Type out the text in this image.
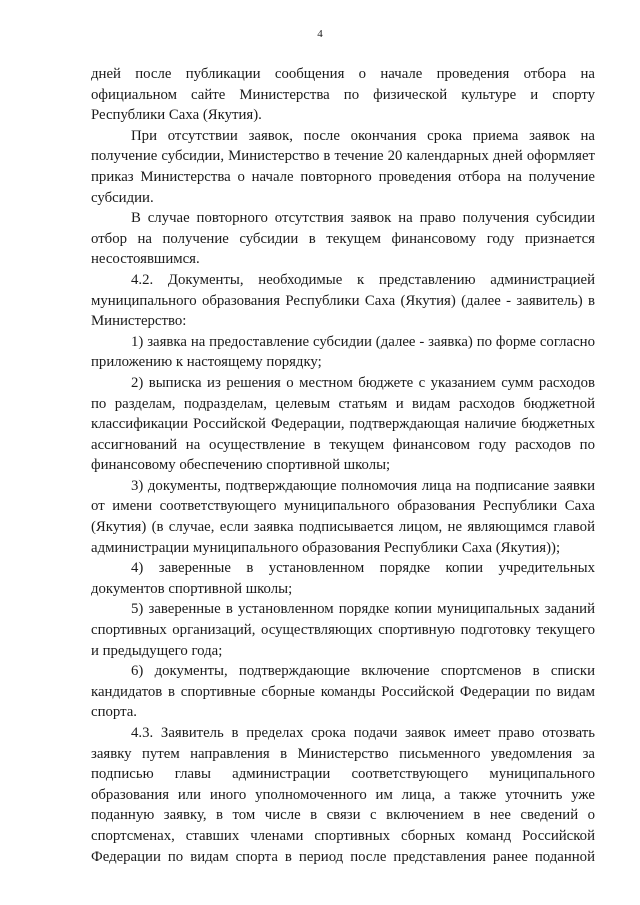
4

дней после публикации сообщения о начале проведения отбора на официальном сайте Министерства по физической культуре и спорту Республики Саха (Якутия).

При отсутствии заявок, после окончания срока приема заявок на получение субсидии, Министерство в течение 20 календарных дней оформляет приказ Министерства о начале повторного проведения отбора на получение субсидии.

В случае повторного отсутствия заявок на право получения субсидии отбор на получение субсидии в текущем финансовому году признается несостоявшимся.

4.2. Документы, необходимые к представлению администрацией муниципального образования Республики Саха (Якутия) (далее - заявитель) в Министерство:

1) заявка на предоставление субсидии (далее - заявка) по форме согласно приложению к настоящему порядку;

2) выписка из решения о местном бюджете с указанием сумм расходов по разделам, подразделам, целевым статьям и видам расходов бюджетной классификации Российской Федерации, подтверждающая наличие бюджетных ассигнований на осуществление в текущем финансовом году расходов по финансовому обеспечению спортивной школы;

3) документы, подтверждающие полномочия лица на подписание заявки от имени соответствующего муниципального образования Республики Саха (Якутия) (в случае, если заявка подписывается лицом, не являющимся главой администрации муниципального образования Республики Саха (Якутия));

4) заверенные в установленном порядке копии учредительных документов спортивной школы;

5) заверенные в установленном порядке копии муниципальных заданий спортивных организаций, осуществляющих спортивную подготовку текущего и предыдущего года;

6) документы, подтверждающие включение спортсменов в списки кандидатов в спортивные сборные команды Российской Федерации по видам спорта.

4.3. Заявитель в пределах срока подачи заявок имеет право отозвать заявку путем направления в Министерство письменного уведомления за подписью главы администрации соответствующего муниципального образования или иного уполномоченного им лица, а также уточнить уже поданную заявку, в том числе в связи с включением в нее сведений о спортсменах, ставших членами спортивных сборных команд Российской Федерации по видам спорта в период после представления ранее поданной
